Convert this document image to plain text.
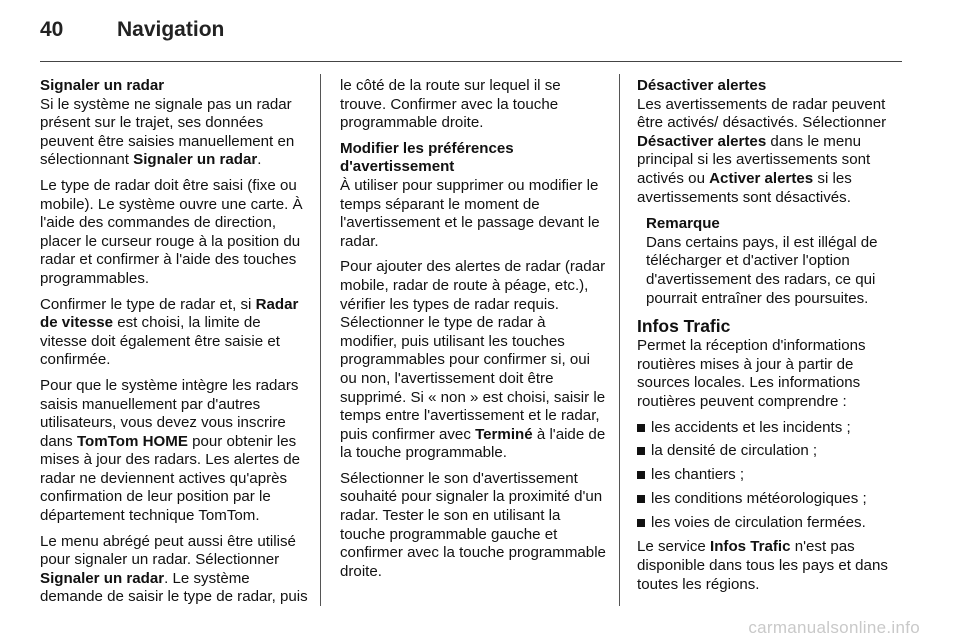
40	Navigation
Signaler un radar

Si le système ne signale pas un radar présent sur le trajet, ses données peuvent être saisies manuellement en sélectionnant Signaler un radar.

Le type de radar doit être saisi (fixe ou mobile). Le système ouvre une carte. À l'aide des commandes de direction, placer le curseur rouge à la position du radar et confirmer à l'aide des touches programmables.

Confirmer le type de radar et, si Radar de vitesse est choisi, la limite de vitesse doit également être saisie et confirmée.

Pour que le système intègre les radars saisis manuellement par d'autres utilisateurs, vous devez vous inscrire dans TomTom HOME pour obtenir les mises à jour des radars. Les alertes de radar ne deviennent actives qu'après confirmation de leur position par le département technique TomTom.

Le menu abrégé peut aussi être utilisé pour signaler un radar. Sélectionner Signaler un radar. Le système demande de saisir le type de radar, puis

le côté de la route sur lequel il se trouve. Confirmer avec la touche programmable droite.

Modifier les préférences d'avertissement

À utiliser pour supprimer ou modifier le temps séparant le moment de l'avertissement et le passage devant le radar.

Pour ajouter des alertes de radar (radar mobile, radar de route à péage, etc.), vérifier les types de radar requis. Sélectionner le type de radar à modifier, puis utilisant les touches programmables pour confirmer si, oui ou non, l'avertissement doit être supprimé. Si « non » est choisi, saisir le temps entre l'avertissement et le radar, puis confirmer avec Terminé à l'aide de la touche programmable.

Sélectionner le son d'avertissement souhaité pour signaler la proximité d'un radar. Tester le son en utilisant la touche programmable gauche et confirmer avec la touche programmable droite.

Désactiver alertes

Les avertissements de radar peuvent être activés/ désactivés. Sélectionner Désactiver alertes dans le menu principal si les avertissements sont activés ou Activer alertes si les avertissements sont désactivés.

Remarque
Dans certains pays, il est illégal de télécharger et d'activer l'option d'avertissement des radars, ce qui pourrait entraîner des poursuites.
Infos Trafic

Permet la réception d'informations routières mises à jour à partir de sources locales. Les informations routières peuvent comprendre :

les accidents et les incidents ;
la densité de circulation ;
les chantiers ;
les conditions météorologiques ;
les voies de circulation fermées.

Le service Infos Trafic n'est pas disponible dans tous les pays et dans toutes les régions.

carmanualsonline.info
